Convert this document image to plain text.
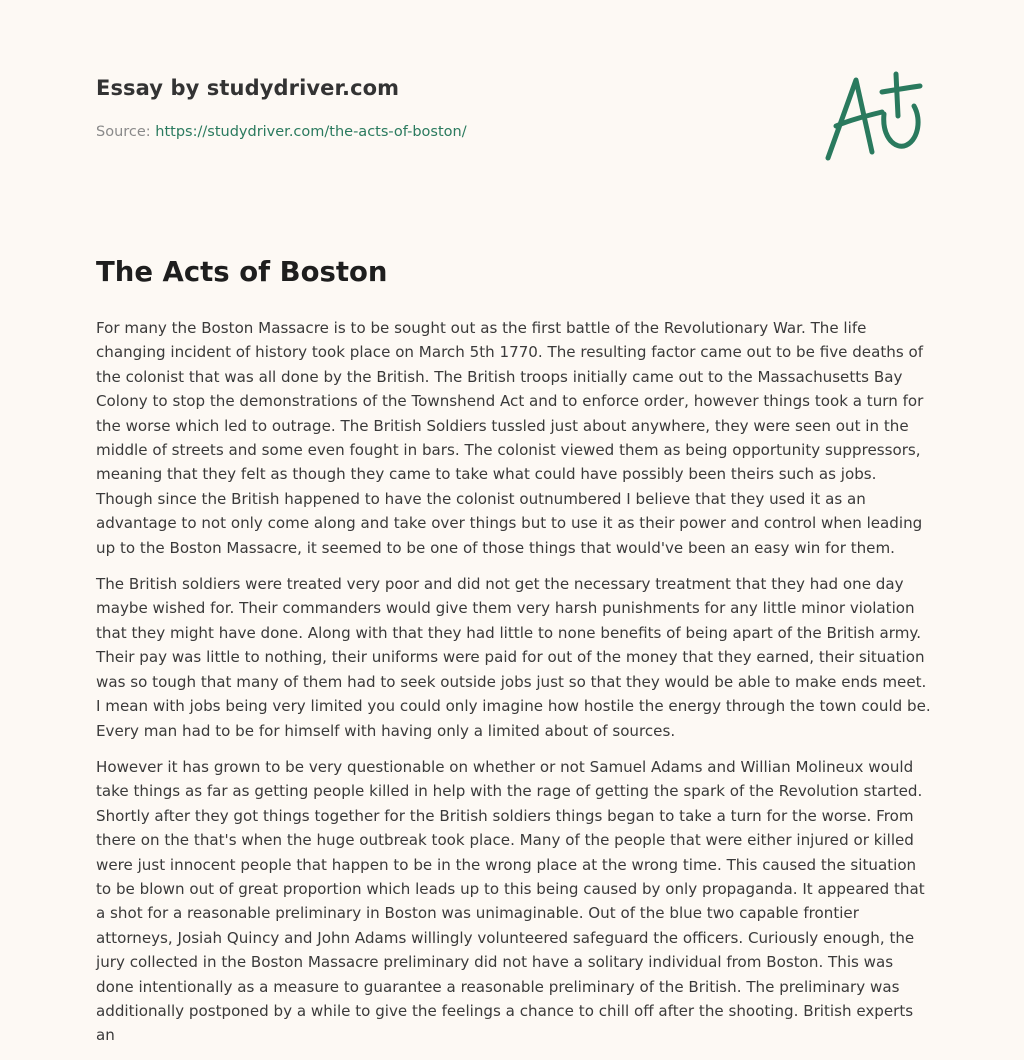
Essay by studydriver.com
Source: https://studydriver.com/the-acts-of-boston/
The Acts of Boston

For many the Boston Massacre is to be sought out as the first battle of the Revolutionary War. The life changing incident of history took place on March 5th 1770. The resulting factor came out to be five deaths of the colonist that was all done by the British. The British troops initially came out to the Massachusetts Bay Colony to stop the demonstrations of the Townshend Act and to enforce order, however things took a turn for the worse which led to outrage. The British Soldiers tussled just about anywhere, they were seen out in the middle of streets and some even fought in bars. The colonist viewed them as being opportunity suppressors, meaning that they felt as though they came to take what could have possibly been theirs such as jobs. Though since the British happened to have the colonist outnumbered I believe that they used it as an advantage to not only come along and take over things but to use it as their power and control when leading up to the Boston Massacre, it seemed to be one of those things that would've been an easy win for them.

The British soldiers were treated very poor and did not get the necessary treatment that they had one day maybe wished for. Their commanders would give them very harsh punishments for any little minor violation that they might have done. Along with that they had little to none benefits of being apart of the British army. Their pay was little to nothing, their uniforms were paid for out of the money that they earned, their situation was so tough that many of them had to seek outside jobs just so that they would be able to make ends meet. I mean with jobs being very limited you could only imagine how hostile the energy through the town could be. Every man had to be for himself with having only a limited about of sources.

However it has grown to be very questionable on whether or not Samuel Adams and Willian Molineux would take things as far as getting people killed in help with the rage of getting the spark of the Revolution started. Shortly after they got things together for the British soldiers things began to take a turn for the worse. From there on the that's when the huge outbreak took place. Many of the people that were either injured or killed were just innocent people that happen to be in the wrong place at the wrong time. This caused the situation to be blown out of great proportion which leads up to this being caused by only propaganda. It appeared that a shot for a reasonable preliminary in Boston was unimaginable. Out of the blue two capable frontier attorneys, Josiah Quincy and John Adams willingly volunteered safeguard the officers. Curiously enough, the jury collected in the Boston Massacre preliminary did not have a solitary individual from Boston. This was done intentionally as a measure to guarantee a reasonable preliminary of the British. The preliminary was additionally postponed by a while to give the feelings a chance to chill off after the shooting. British experts an
